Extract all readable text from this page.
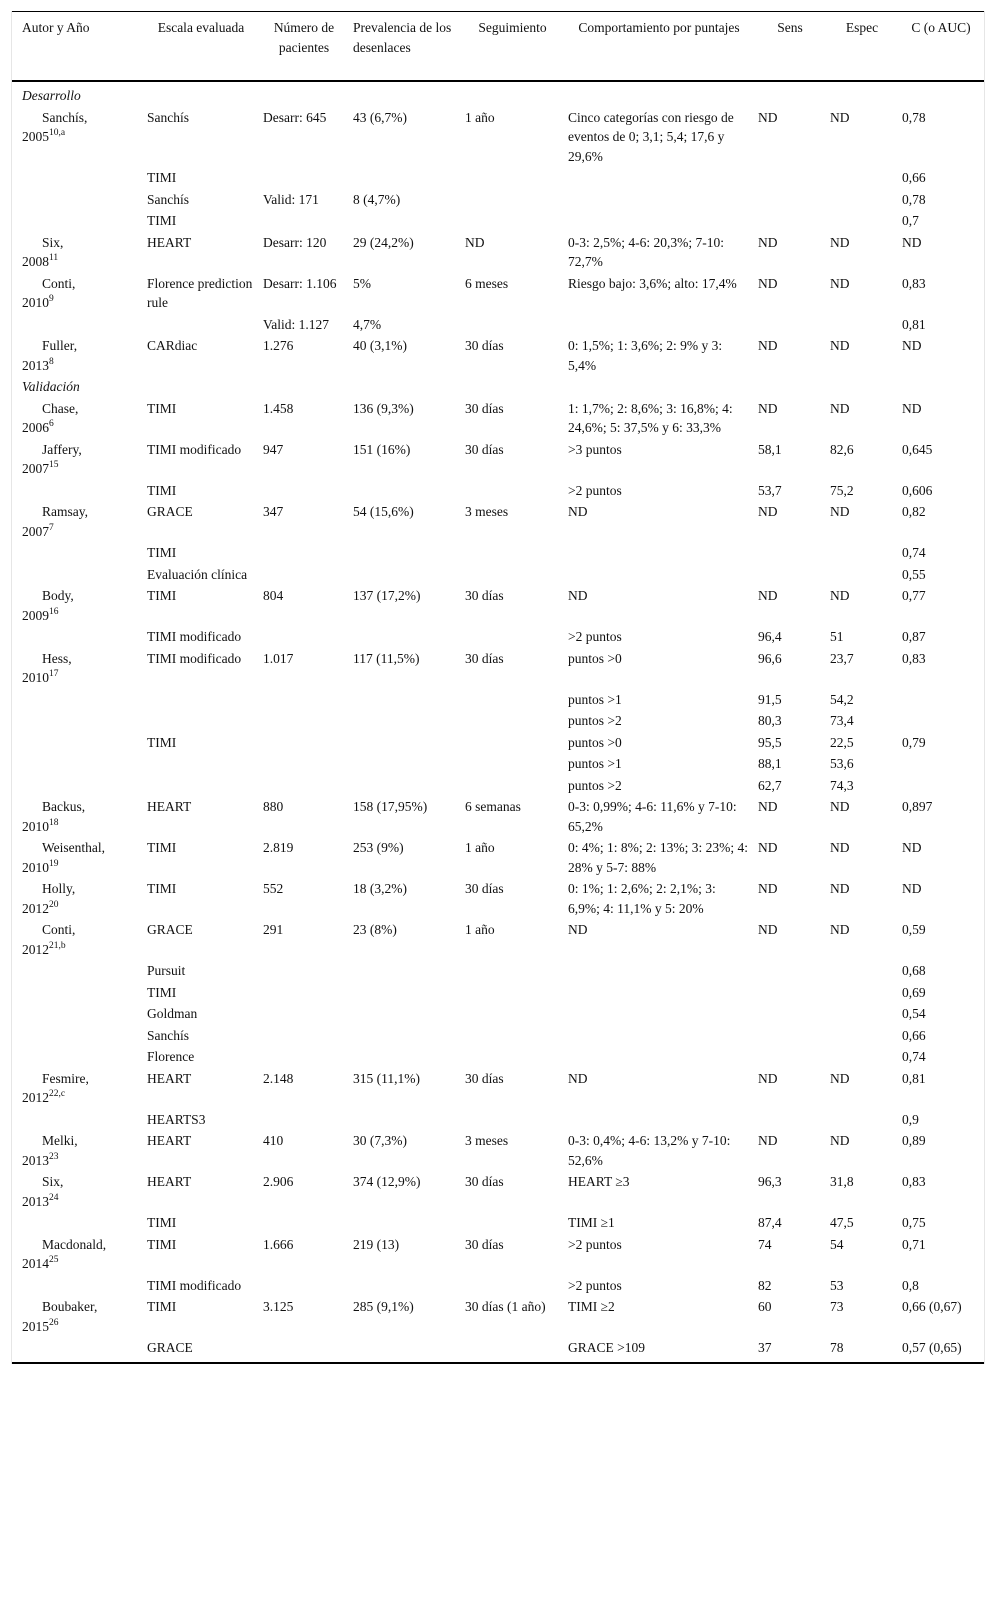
Autor y Año	Escala evaluada	Número de pacientes	Prevalencia de los desenlaces	Seguimiento	Comportamiento por puntajes	Sens	Espec	C (o AUC)
Desarrollo								

Sanchís,
2005$^{10,a}$	Sanchís	Desarr: 645	43 (6,7%)	1 año	Cinco categorías con riesgo de eventos de 0; 3,1; 5,4; 17,6 y 29,6%	ND	ND	0,78
	TIMI							0,66
	Sanchís	Valid: 171	8 (4,7%)					0,78
	TIMI							0,7

Six,
2008$^{11}$	HEART	Desarr: 120	29 (24,2%)	ND	0-3: 2,5%; 4-6: 20,3%; 7-10: 72,7%	ND	ND	ND

Conti,
2010$^9$	Florence prediction rule	Desarr: 1.106	5%	6 meses	Riesgo bajo: 3,6%; alto: 17,4%	ND	ND	0,83
		Valid: 1.127	4,7%					0,81

Fuller,
2013$^8$	CARdiac	1.276	40 (3,1%)	30 días	0: 1,5%; 1: 3,6%; 2: 9% y 3: 5,4%	ND	ND	ND
Validación								

Chase,
2006$^6$	TIMI	1.458	136 (9,3%)	30 días	1: 1,7%; 2: 8,6%; 3: 16,8%; 4: 24,6%; 5: 37,5% y 6: 33,3%	ND	ND	ND

Jaffery,
2007$^{15}$	TIMI modificado	947	151 (16%)	30 días	>3 puntos	58,1	82,6	0,645
	TIMI				>2 puntos	53,7	75,2	0,606

Ramsay,
2007$^7$	GRACE	347	54 (15,6%)	3 meses	ND	ND	ND	0,82
	TIMI							0,74
	Evaluación clínica							0,55

Body,
2009$^{16}$	TIMI	804	137 (17,2%)	30 días	ND	ND	ND	0,77
	TIMI modificado				>2 puntos	96,4	51	0,87

Hess,
2010$^{17}$	TIMI modificado	1.017	117 (11,5%)	30 días	puntos >0	96,6	23,7	0,83
					puntos >1	91,5	54,2	
					puntos >2	80,3	73,4	
	TIMI				puntos >0	95,5	22,5	0,79
					puntos >1	88,1	53,6	
					puntos >2	62,7	74,3	

Backus,
2010$^{18}$	HEART	880	158 (17,95%)	6 semanas	0-3: 0,99%; 4-6: 11,6% y 7-10: 65,2%	ND	ND	0,897

Weisenthal,
2010$^{19}$	TIMI	2.819	253 (9%)	1 año	0: 4%; 1: 8%; 2: 13%; 3: 23%; 4: 28% y 5-7: 88%	ND	ND	ND

Holly,
2012$^{20}$	TIMI	552	18 (3,2%)	30 días	0: 1%; 1: 2,6%; 2: 2,1%; 3: 6,9%; 4: 11,1% y 5: 20%	ND	ND	ND

Conti,
2012$^{21,b}$	GRACE	291	23 (8%)	1 año	ND	ND	ND	0,59
	Pursuit							0,68
	TIMI							0,69
	Goldman							0,54
	Sanchís							0,66
	Florence							0,74

Fesmire,
2012$^{22,c}$	HEART	2.148	315 (11,1%)	30 días	ND	ND	ND	0,81
	HEARTS3							0,9

Melki,
2013$^{23}$	HEART	410	30 (7,3%)	3 meses	0-3: 0,4%; 4-6: 13,2% y 7-10: 52,6%	ND	ND	0,89

Six,
2013$^{24}$	HEART	2.906	374 (12,9%)	30 días	HEART ≥3	96,3	31,8	0,83
	TIMI				TIMI ≥1	87,4	47,5	0,75

Macdonald,
2014$^{25}$	TIMI	1.666	219 (13)	30 días	>2 puntos	74	54	0,71
	TIMI modificado				>2 puntos	82	53	0,8

Boubaker,
2015$^{26}$	TIMI	3.125	285 (9,1%)	30 días (1 año)	TIMI ≥2	60	73	0,66 (0,67)
	GRACE				GRACE >109	37	78	0,57 (0,65)
